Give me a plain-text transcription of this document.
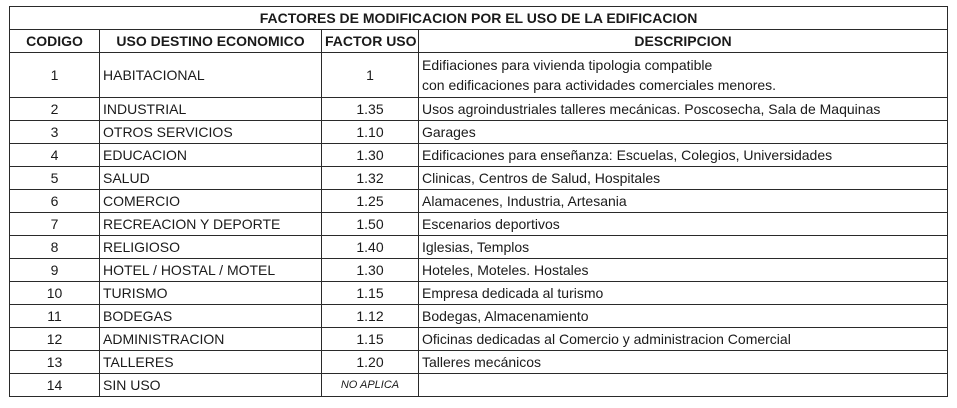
FACTORES DE MODIFICACION POR EL USO DE LA EDIFICACION			
CODIGO	USO DESTINO ECONOMICO	FACTOR USO	DESCRIPCION
1	HABITACIONAL	1	Edifiaciones para vivienda tipologia compatible
con edificaciones para actividades comerciales menores.

2	INDUSTRIAL	1.35	Usos agroindustriales talleres mecánicas. Poscosecha, Sala de Maquinas
3	OTROS SERVICIOS	1.10	Garages
4	EDUCACION	1.30	Edificaciones para enseñanza: Escuelas, Colegios, Universidades
5	SALUD	1.32	Clinicas, Centros de Salud, Hospitales
6	COMERCIO	1.25	Alamacenes, Industria, Artesania
7	RECREACION Y DEPORTE	1.50	Escenarios deportivos
8	RELIGIOSO	1.40	Iglesias, Templos
9	HOTEL / HOSTAL / MOTEL	1.30	Hoteles, Moteles. Hostales
10	TURISMO	1.15	Empresa dedicada al turismo
11	BODEGAS	1.12	Bodegas, Almacenamiento
12	ADMINISTRACION	1.15	Oficinas dedicadas al Comercio y administracion Comercial
13	TALLERES	1.20	Talleres mecánicos
14	SIN USO	NO APLICA	
